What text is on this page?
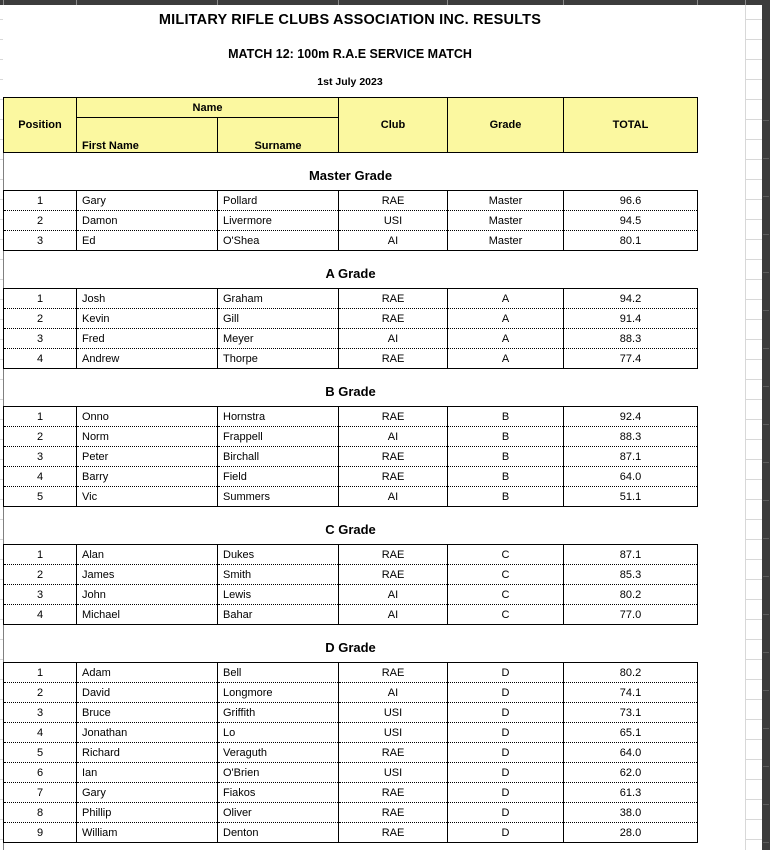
MILITARY RIFLE CLUBS ASSOCIATION INC. RESULTS
MATCH 12: 100m R.A.E SERVICE MATCH
1st July 2023
Position	Name		Club	Grade	TOTAL
	First Name	Surname			

Master Grade					
1	Gary	Pollard	RAE	Master	96.6
2	Damon	Livermore	USI	Master	94.5
3	Ed	O'Shea	AI	Master	80.1

A Grade					
1	Josh	Graham	RAE	A	94.2
2	Kevin	Gill	RAE	A	91.4
3	Fred	Meyer	AI	A	88.3
4	Andrew	Thorpe	RAE	A	77.4

B Grade					
1	Onno	Hornstra	RAE	B	92.4
2	Norm	Frappell	AI	B	88.3
3	Peter	Birchall	RAE	B	87.1
4	Barry	Field	RAE	B	64.0
5	Vic	Summers	AI	B	51.1

C Grade					
1	Alan	Dukes	RAE	C	87.1
2	James	Smith	RAE	C	85.3
3	John	Lewis	AI	C	80.2
4	Michael	Bahar	AI	C	77.0

D Grade					
1	Adam	Bell	RAE	D	80.2
2	David	Longmore	AI	D	74.1
3	Bruce	Griffith	USI	D	73.1
4	Jonathan	Lo	USI	D	65.1
5	Richard	Veraguth	RAE	D	64.0
6	Ian	O'Brien	USI	D	62.0
7	Gary	Fiakos	RAE	D	61.3
8	Phillip	Oliver	RAE	D	38.0
9	William	Denton	RAE	D	28.0
